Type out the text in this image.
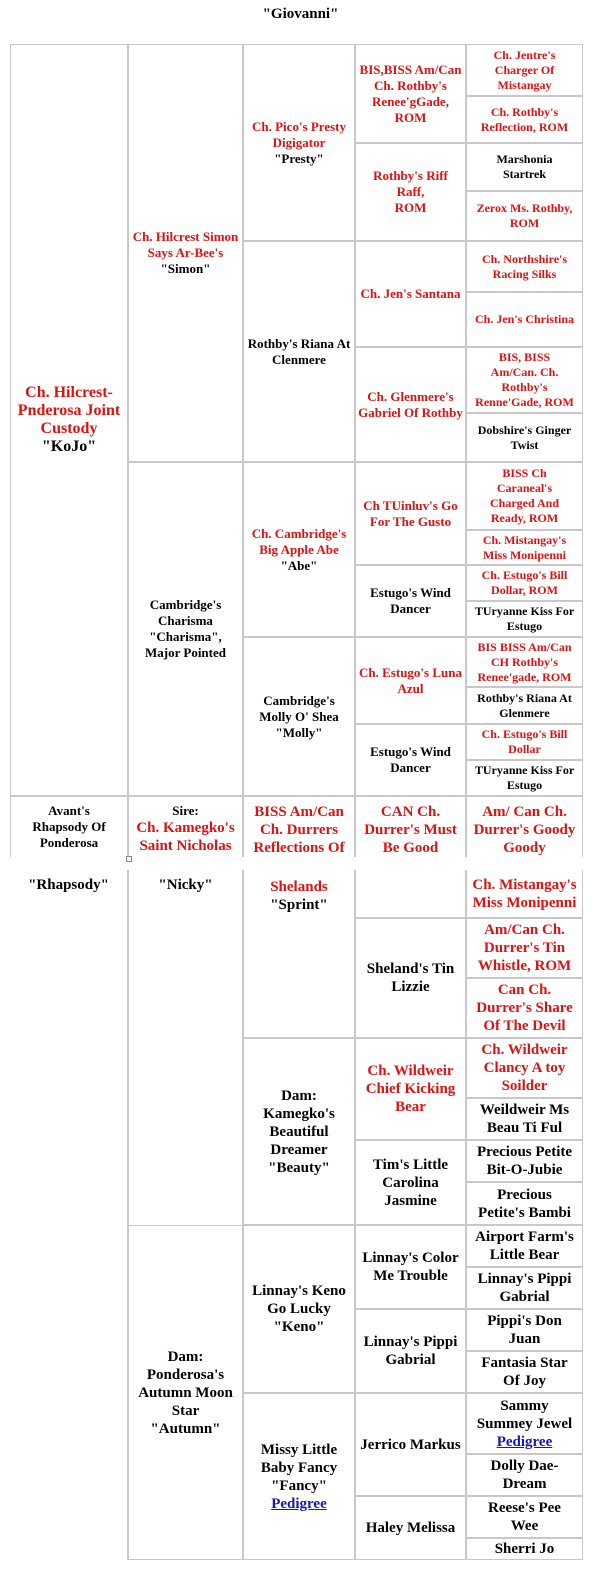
"Giovanni"
Ch. Hilcrest-
Pnderosa Joint
Custody
"KoJo"
Ch. Hilcrest Simon
Says Ar-Bee's
"Simon"
Cambridge's
Charisma
"Charisma",
Major Pointed
Ch. Pico's Presty
Digigator
"Presty"
Rothby's Riana At
Clenmere
Ch. Cambridge's
Big Apple Abe
"Abe"
Cambridge's
Molly O' Shea
"Molly"
BIS,BISS Am/Can
Ch. Rothby's
Renee'gGade,
ROM
Rothby's Riff Raff,
ROM
Ch. Jen's Santana
Ch. Glenmere's
Gabriel Of Rothby
Ch TUinluv's Go
For The Gusto
Estugo's Wind
Dancer
Ch. Estugo's Luna
Azul
Estugo's Wind
Dancer
Ch. Jentre's
Charger Of
Mistangay
Ch. Rothby's
Reflection, ROM
Marshonia
Startrek
Zerox Ms. Rothby,
ROM
Ch. Northshire's
Racing Silks
Ch. Jen's Christina
BIS, BISS
Am/Can. Ch.
Rothby's
Renne'Gade, ROM
Dobshire's Ginger
Twist
BISS Ch
Caraneal's
Charged And
Ready, ROM
Ch. Mistangay's
Miss Monipenni
Ch. Estugo's Bill
Dollar, ROM
TUryanne Kiss For
Estugo
BIS BISS Am/Can
CH Rothby's
Renee'gade, ROM
Rothby's Riana At
Glenmere
Ch. Estugo's Bill
Dollar
TUryanne Kiss For
Estugo
Avant's
Rhapsody Of
Ponderosa
Sire:
Ch. Kamegko's
Saint Nicholas
BISS Am/Can
Ch. Durrers
Reflections Of
CAN Ch.
Durrer's Must
Be Good
Am/ Can Ch.
Durrer's Goody
Goody
"Rhapsody"	"Nicky"
Dam:
Ponderosa's
Autumn Moon
Star
"Autumn"
Shelands
"Sprint"
Dam:
Kamegko's
Beautiful
Dreamer
"Beauty"
Linnay's Keno
Go Lucky
"Keno"
Missy Little
Baby Fancy
"Fancy"
Pedigree
Sheland's Tin
Lizzie
Ch. Wildweir
Chief Kicking
Bear
Tim's Little
Carolina
Jasmine
Linnay's Color
Me Trouble
Linnay's Pippi
Gabrial
Jerrico Markus
Haley Melissa
Ch. Mistangay's
Miss Monipenni
Am/Can Ch.
Durrer's Tin
Whistle, ROM
Can Ch.
Durrer's Share
Of The Devil
Ch. Wildweir
Clancy A toy
Soilder
Weildweir Ms
Beau Ti Ful
Precious Petite
Bit-O-Jubie
Precious
Petite's Bambi
Airport Farm's
Little Bear
Linnay's Pippi
Gabrial
Pippi's Don
Juan
Fantasia Star
Of Joy
Sammy
Summey Jewel
Pedigree
Dolly Dae-
Dream
Reese's Pee
Wee
Sherri Jo
